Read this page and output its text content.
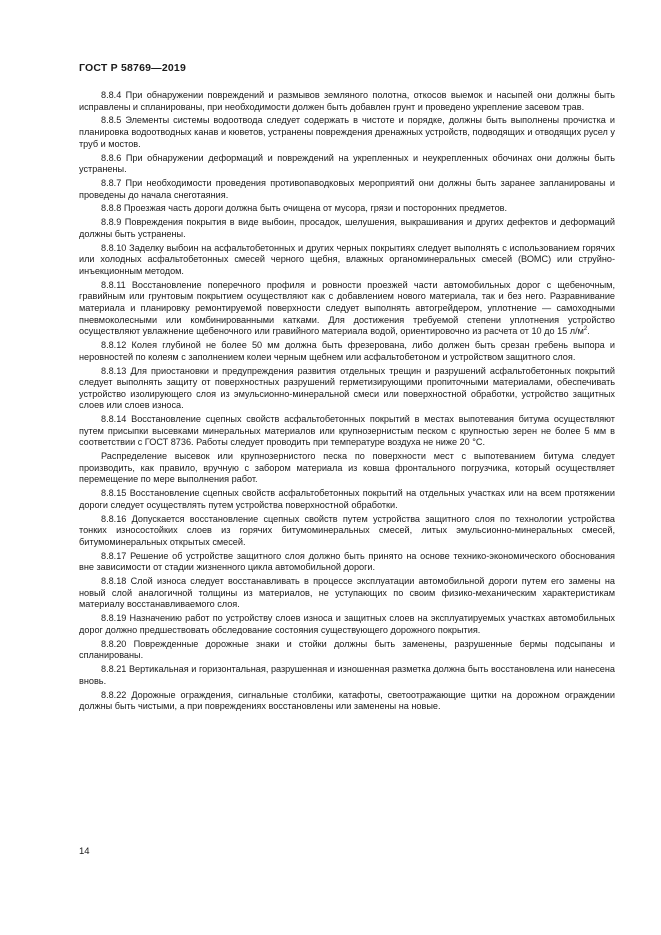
ГОСТ Р 58769—2019

8.8.4 При обнаружении повреждений и размывов земляного полотна, откосов выемок и насыпей они должны быть исправлены и спланированы, при необходимости должен быть добавлен грунт и проведено укрепление засевом трав.

8.8.5 Элементы системы водоотвода следует содержать в чистоте и порядке, должны быть выполнены прочистка и планировка водоотводных канав и кюветов, устранены повреждения дренажных устройств, подводящих и отводящих русел у труб и мостов.

8.8.6 При обнаружении деформаций и повреждений на укрепленных и неукрепленных обочинах они должны быть устранены.

8.8.7 При необходимости проведения противопаводковых мероприятий они должны быть заранее запланированы и проведены до начала снеготаяния.

8.8.8 Проезжая часть дороги должна быть очищена от мусора, грязи и посторонних предметов.

8.8.9 Повреждения покрытия в виде выбоин, просадок, шелушения, выкрашивания и других дефектов и деформаций должны быть устранены.

8.8.10 Заделку выбоин на асфальтобетонных и других черных покрытиях следует выполнять с использованием горячих или холодных асфальтобетонных смесей черного щебня, влажных органоминеральных смесей (ВОМС) или струйно-инъекционным методом.

8.8.11 Восстановление поперечного профиля и ровности проезжей части автомобильных дорог с щебеночным, гравийным или грунтовым покрытием осуществляют как с добавлением нового материала, так и без него. Разравнивание материала и планировку ремонтируемой поверхности следует выполнять автогрейдером, уплотнение — самоходными пневмоколесными или комбинированными катками. Для достижения требуемой степени уплотнения устройство осуществляют увлажнение щебеночного или гравийного материала водой, ориентировочно из расчета от 10 до 15 $л/м^2$.

8.8.12 Колея глубиной не более 50 мм должна быть фрезерована, либо должен быть срезан гребень выпора и неровностей по колеям с заполнением колеи черным щебнем или асфальтобетоном и устройством защитного слоя.

8.8.13 Для приостановки и предупреждения развития отдельных трещин и разрушений асфальтобетонных покрытий следует выполнять защиту от поверхностных разрушений герметизирующими пропиточными материалами, обеспечивать устройство изолирующего слоя из эмульсионно-минеральной смеси или поверхностной обработки, устройство защитных слоев или слоев износа.

8.8.14 Восстановление сцепных свойств асфальтобетонных покрытий в местах выпотевания битума осуществляют путем присыпки высевками минеральных материалов или крупнозернистым песком с крупностью зерен не более 5 мм в соответствии с ГОСТ 8736. Работы следует проводить при температуре воздуха не ниже 20 °С.

Распределение высевок или крупнозернистого песка по поверхности мест с выпотеванием битума следует производить, как правило, вручную с забором материала из ковша фронтального погрузчика, который осуществляет перемещение по мере выполнения работ.

8.8.15 Восстановление сцепных свойств асфальтобетонных покрытий на отдельных участках или на всем протяжении дороги следует осуществлять путем устройства поверхностной обработки.

8.8.16 Допускается восстановление сцепных свойств путем устройства защитного слоя по технологии устройства тонких износостойких слоев из горячих битумоминеральных смесей, литых эмульсионно-минеральных смесей, битумоминеральных открытых смесей.

8.8.17 Решение об устройстве защитного слоя должно быть принято на основе технико-экономического обоснования вне зависимости от стадии жизненного цикла автомобильной дороги.

8.8.18 Слой износа следует восстанавливать в процессе эксплуатации автомобильной дороги путем его замены на новый слой аналогичной толщины из материалов, не уступающих по своим физико-механическим характеристикам материалу восстанавливаемого слоя.

8.8.19 Назначению работ по устройству слоев износа и защитных слоев на эксплуатируемых участках автомобильных дорог должно предшествовать обследование состояния существующего дорожного покрытия.

8.8.20 Поврежденные дорожные знаки и стойки должны быть заменены, разрушенные бермы подсыпаны и спланированы.

8.8.21 Вертикальная и горизонтальная, разрушенная и изношенная разметка должна быть восстановлена или нанесена вновь.

8.8.22 Дорожные ограждения, сигнальные столбики, катафоты, светоотражающие щитки на дорожном ограждении должны быть чистыми, а при повреждениях восстановлены или заменены на новые.

14
